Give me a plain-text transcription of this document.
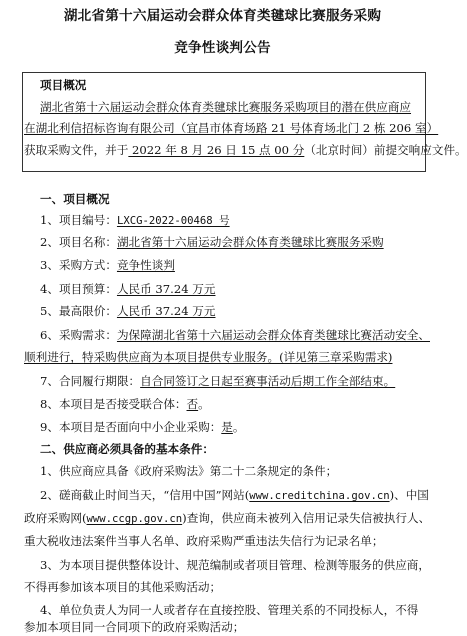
湖北省第十六届运动会群众体育类毽球比赛服务采购
竞争性谈判公告
项目概况
湖北省第十六届运动会群众体育类毽球比赛服务采购项目的潜在供应商应
在湖北利信招标咨询有限公司（宜昌市体育场路 21 号体育场北门 2 栋 206 室）
获取采购文件，并于 2022 年 8 月 26 日 15 点 00 分（北京时间）前提交响应文件。
一、项目概况
1、项目编号：LXCG-2022-00468 号
2、项目名称：湖北省第十六届运动会群众体育类毽球比赛服务采购
3、采购方式：竞争性谈判
4、项目预算：人民币 37.24 万元
5、最高限价：人民币 37.24 万元
6、采购需求：为保障湖北省第十六届运动会群众体育类毽球比赛活动安全、
顺利进行，特采购供应商为本项目提供专业服务。(详见第三章采购需求)
7、合同履行期限：自合同签订之日起至赛事活动后期工作全部结束。
8、本项目是否接受联合体：否。
9、本项目是否面向中小企业采购：是。
二、供应商必须具备的基本条件：
1、供应商应具备《政府采购法》第二十二条规定的条件；
2、磋商截止时间当天，“信用中国”网站(www.creditchina.gov.cn)、中国
政府采购网(www.ccgp.gov.cn)查询，供应商未被列入信用记录失信被执行人、
重大税收违法案件当事人名单、政府采购严重违法失信行为记录名单；
3、为本项目提供整体设计、规范编制或者项目管理、检测等服务的供应商，
不得再参加该本项目的其他采购活动；
4、单位负责人为同一人或者存在直接控股、管理关系的不同投标人，不得
参加本项目同一合同项下的政府采购活动；
